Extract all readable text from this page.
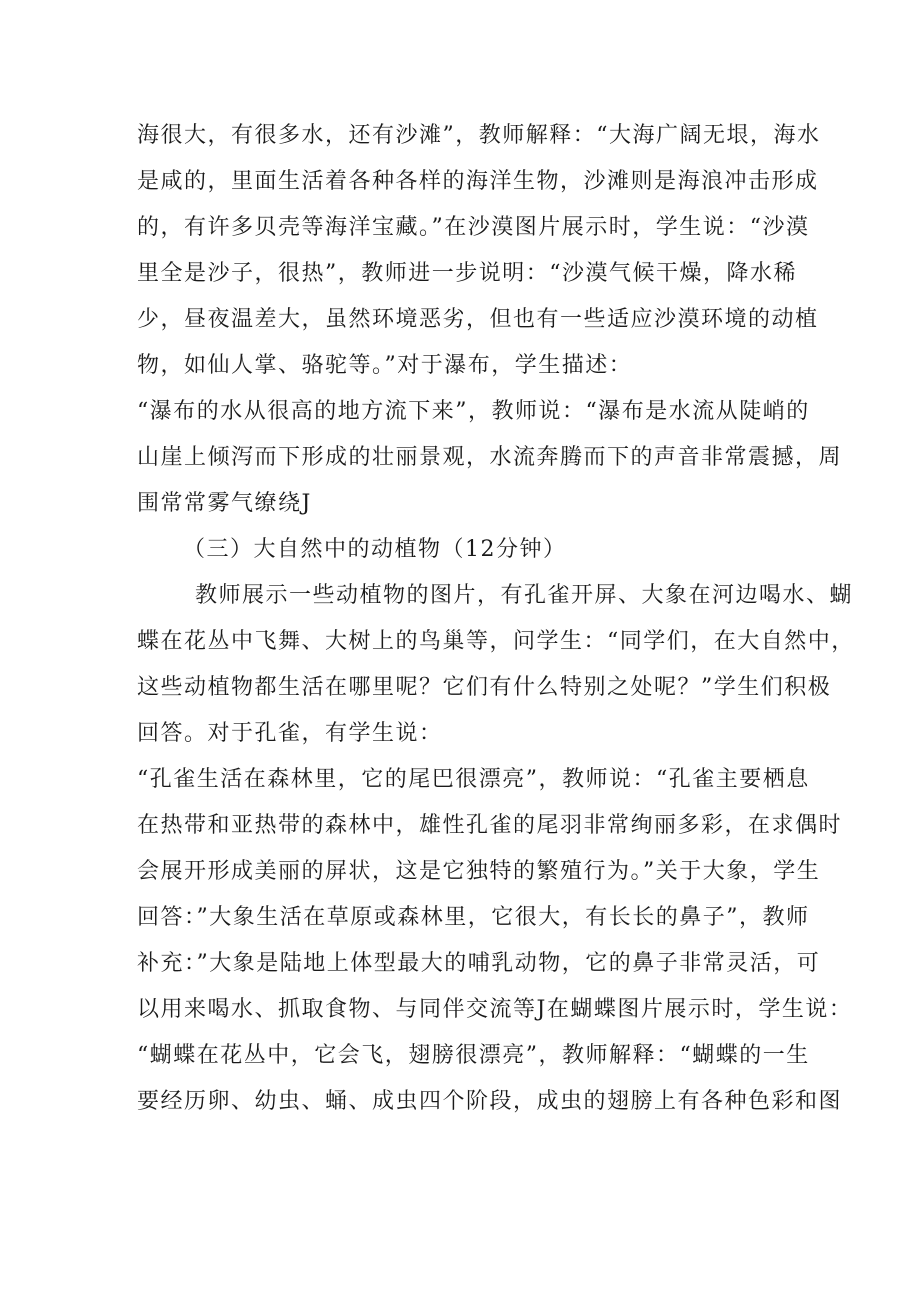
海很大，有很多水，还有沙滩”，教师解释：“大海广阔无垠，海水
是咸的，里面生活着各种各样的海洋生物，沙滩则是海浪冲击形成
的，有许多贝壳等海洋宝藏。”在沙漠图片展示时，学生说：“沙漠
里全是沙子，很热”，教师进一步说明：“沙漠气候干燥，降水稀
少，昼夜温差大，虽然环境恶劣，但也有一些适应沙漠环境的动植
物，如仙人掌、骆驼等。”对于瀑布，学生描述：
“瀑布的水从很高的地方流下来”，教师说：“瀑布是水流从陡峭的
山崖上倾泻而下形成的壮丽景观，水流奔腾而下的声音非常震撼，周
围常常雾气缭绕J
（三）大自然中的动植物（12分钟）
教师展示一些动植物的图片，有孔雀开屏、大象在河边喝水、蝴
蝶在花丛中飞舞、大树上的鸟巢等，问学生：“同学们，在大自然中，
这些动植物都生活在哪里呢？它们有什么特别之处呢？”学生们积极
回答。对于孔雀，有学生说：
“孔雀生活在森林里，它的尾巴很漂亮”，教师说：“孔雀主要栖息
在热带和亚热带的森林中，雄性孔雀的尾羽非常绚丽多彩，在求偶时
会展开形成美丽的屏状，这是它独特的繁殖行为。”关于大象，学生
回答：”大象生活在草原或森林里，它很大，有长长的鼻子”，教师
补充：”大象是陆地上体型最大的哺乳动物，它的鼻子非常灵活，可
以用来喝水、抓取食物、与同伴交流等J在蝴蝶图片展示时，学生说：
“蝴蝶在花丛中，它会飞，翅膀很漂亮”，教师解释：“蝴蝶的一生
要经历卵、幼虫、蛹、成虫四个阶段，成虫的翅膀上有各种色彩和图
